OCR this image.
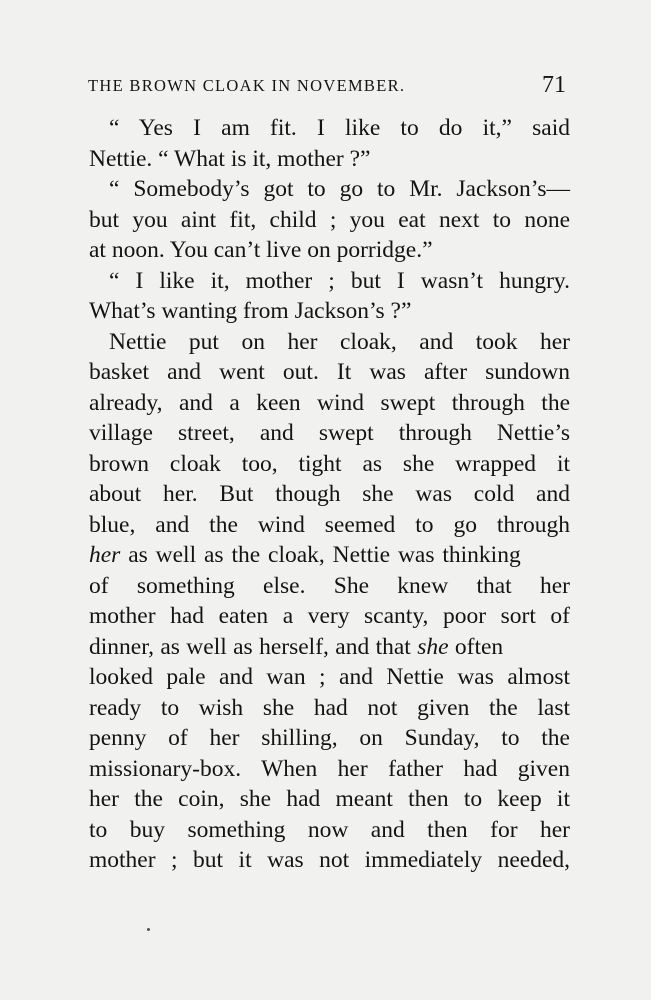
THE BROWN CLOAK IN NOVEMBER.	71
“ Yes I am fit. I like to do it,” said
Nettie. “ What is it, mother ?”
“ Somebody’s got to go to Mr. Jackson’s—
but you aint fit, child ; you eat next to none
at noon. You can’t live on porridge.”
“ I like it, mother ; but I wasn’t hungry.
What’s wanting from Jackson’s ?”
Nettie put on her cloak, and took her
basket and went out. It was after sundown
already, and a keen wind swept through the
village street, and swept through Nettie’s
brown cloak too, tight as she wrapped it
about her. But though she was cold and
blue, and the wind seemed to go through
her as well as the cloak, Nettie was thinking
of something else. She knew that her
mother had eaten a very scanty, poor sort of
dinner, as well as herself, and that she often
looked pale and wan ; and Nettie was almost
ready to wish she had not given the last
penny of her shilling, on Sunday, to the
missionary-box. When her father had given
her the coin, she had meant then to keep it
to buy something now and then for her
mother ; but it was not immediately needed,
